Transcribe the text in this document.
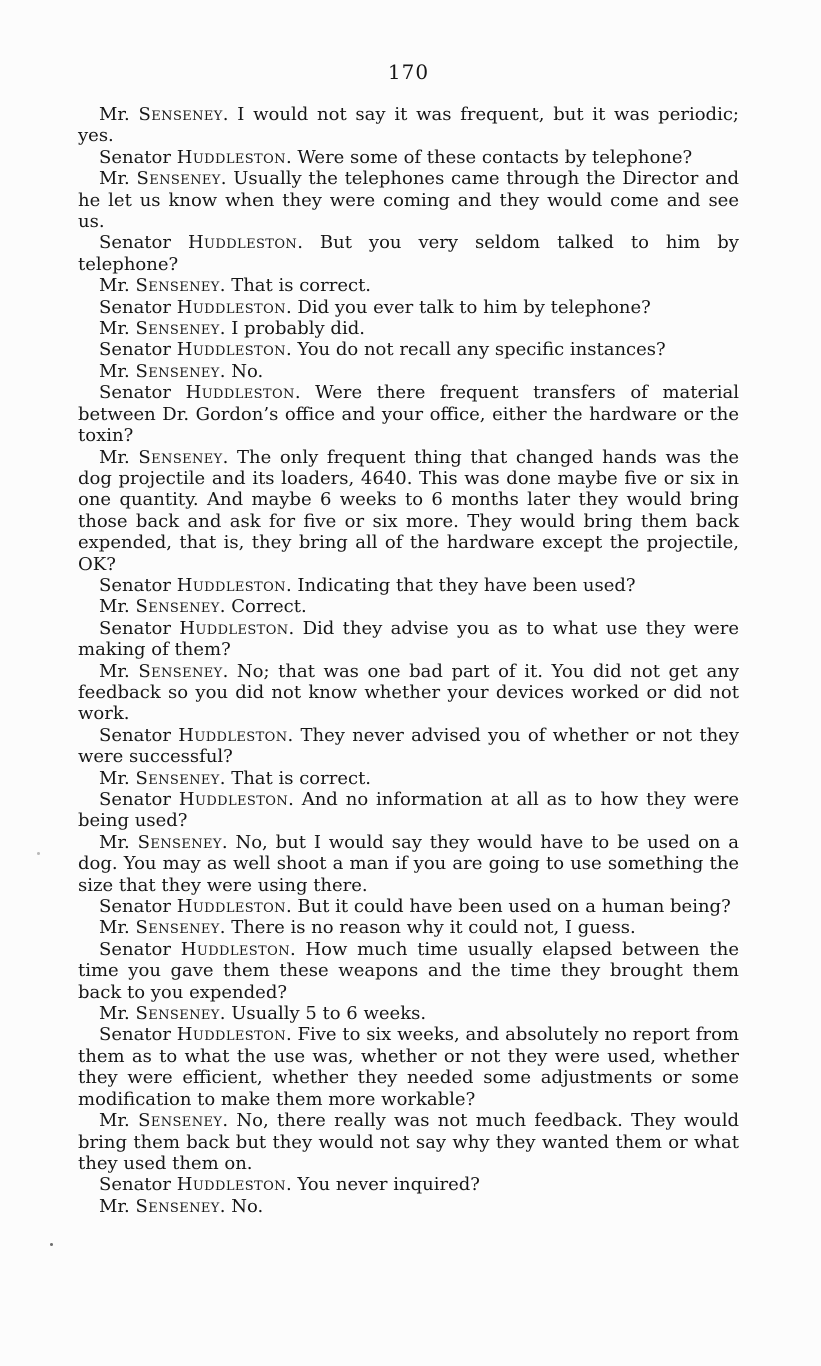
170

Mr. Senseney. I would not say it was frequent, but it was periodic; yes.

Senator Huddleston. Were some of these contacts by telephone?

Mr. Senseney. Usually the telephones came through the Director and he let us know when they were coming and they would come and see us.

Senator Huddleston. But you very seldom talked to him by telephone?

Mr. Senseney. That is correct.

Senator Huddleston. Did you ever talk to him by telephone?

Mr. Senseney. I probably did.

Senator Huddleston. You do not recall any specific instances?

Mr. Senseney. No.

Senator Huddleston. Were there frequent transfers of material between Dr. Gordon’s office and your office, either the hardware or the toxin?

Mr. Senseney. The only frequent thing that changed hands was the dog projectile and its loaders, 4640. This was done maybe five or six in one quantity. And maybe 6 weeks to 6 months later they would bring those back and ask for five or six more. They would bring them back expended, that is, they bring all of the hardware except the projectile, OK?

Senator Huddleston. Indicating that they have been used?

Mr. Senseney. Correct.

Senator Huddleston. Did they advise you as to what use they were making of them?

Mr. Senseney. No; that was one bad part of it. You did not get any feedback so you did not know whether your devices worked or did not work.

Senator Huddleston. They never advised you of whether or not they were successful?

Mr. Senseney. That is correct.

Senator Huddleston. And no information at all as to how they were being used?

Mr. Senseney. No, but I would say they would have to be used on a dog. You may as well shoot a man if you are going to use something the size that they were using there.

Senator Huddleston. But it could have been used on a human being?

Mr. Senseney. There is no reason why it could not, I guess.

Senator Huddleston. How much time usually elapsed between the time you gave them these weapons and the time they brought them back to you expended?

Mr. Senseney. Usually 5 to 6 weeks.

Senator Huddleston. Five to six weeks, and absolutely no report from them as to what the use was, whether or not they were used, whether they were efficient, whether they needed some adjustments or some modification to make them more workable?

Mr. Senseney. No, there really was not much feedback. They would bring them back but they would not say why they wanted them or what they used them on.

Senator Huddleston. You never inquired?

Mr. Senseney. No.
